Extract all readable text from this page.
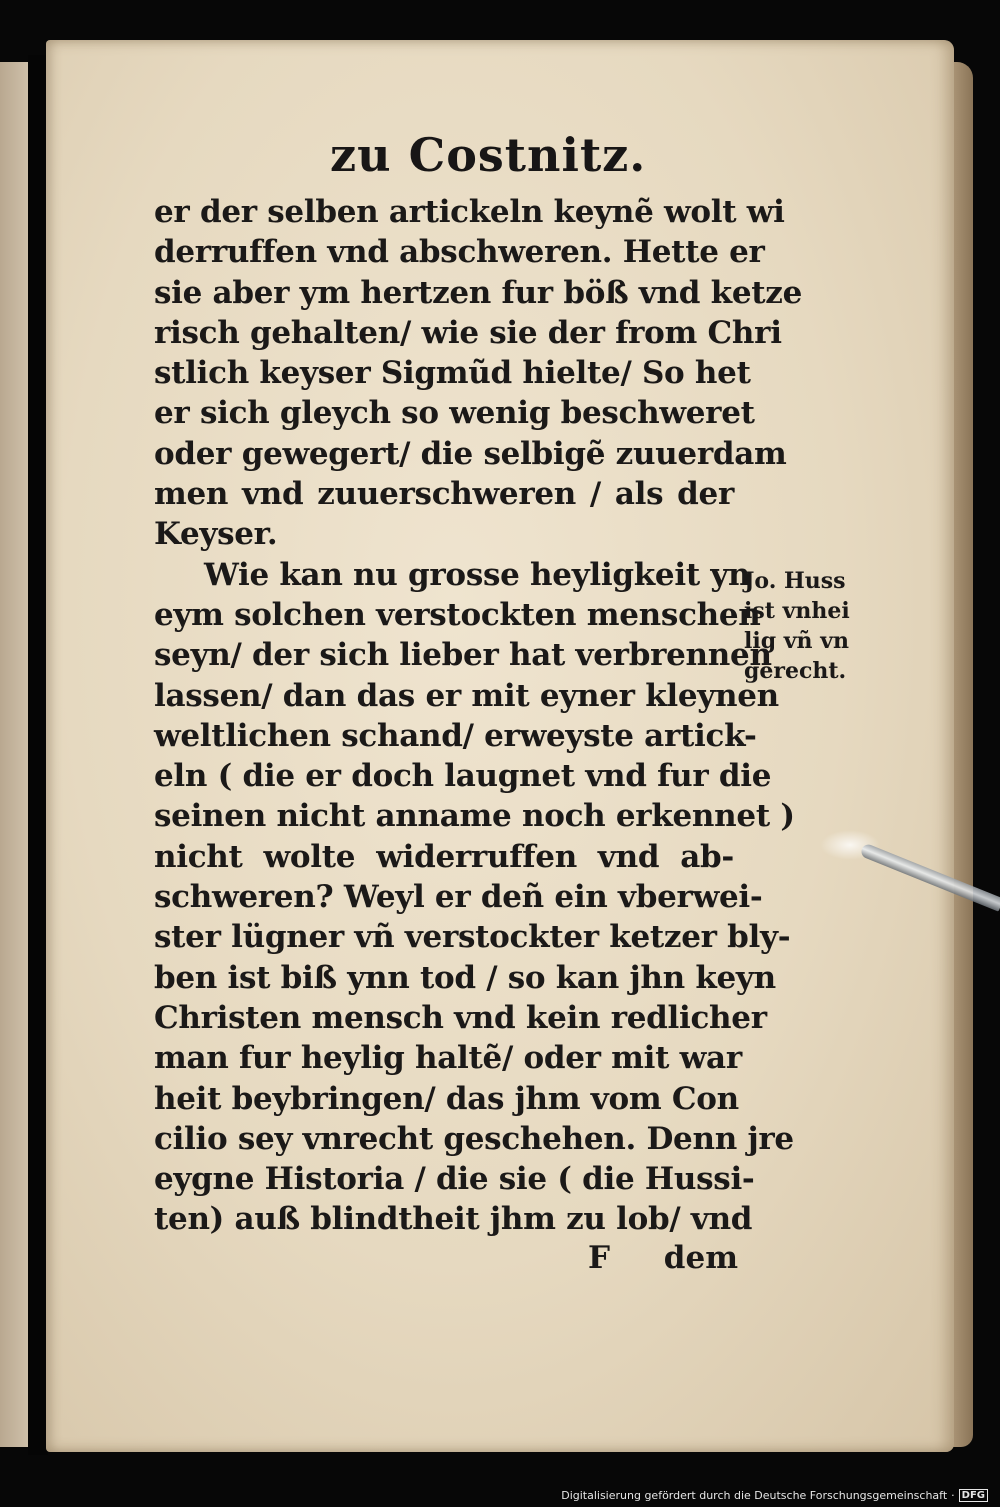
zu Costnitz.
er der selben artickeln keynẽ wolt wi
derruffen vnd abschweren. Hette er
sie aber ym hertzen fur böß vnd ketze
risch gehalten/ wie sie der from Chri
stlich keyser Sigmũd hielte/ So het
er sich gleych so wenig beschweret
oder gewegert/ die selbigẽ zuuerdam
men vnd zuuerschweren / als der
Keyser.
Wie kan nu grosse heyligkeit yn
eym solchen verstockten menschen
seyn/ der sich lieber hat verbrennen
lassen/ dan das er mit eyner kleynen
weltlichen schand/ erweyste artick-
eln ( die er doch laugnet vnd fur die
seinen nicht anname noch erkennet )
nicht wolte widerruffen vnd ab-
schweren? Weyl er deñ ein vberwei-
ster lügner vñ verstockter ketzer bly-
ben ist biß ynn tod / so kan jhn keyn
Christen mensch vnd kein redlicher
man fur heylig haltẽ/ oder mit war
heit beybringen/ das jhm vom Con
cilio sey vnrecht geschehen. Denn jre
eygne Historia / die sie ( die Hussi-
ten) auß blindtheit jhm zu lob/ vnd
Jo. Huss
ist vnhei
lig vñ vn
gerecht.
F dem
Digitalisierung gefördert durch die Deutsche Forschungsgemeinschaft · DFG
